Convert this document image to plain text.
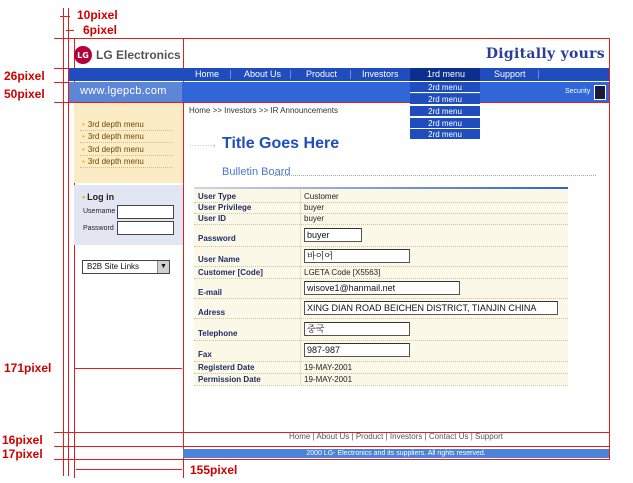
10pixel
6pixel
26pixel
50pixel
171pixel
16pixel
17pixel
155pixel
LG LG Electronics	Digitally yours
Home	About Us	Product	Investors	1rd menu	Support
www.lgepcb.com	Security
2rd menu
2rd menu
2rd menu
2rd menu
2rd menu
• 3rd depth menu
• 3rd depth menu
• 3rd depth menu
• 3rd depth menu
• Log in
Username
Password
B2B Site Links	▼
Home >> Investors >> IR Announcements
·········› Title Goes Here
Bulletin Board
User Type	Customer
User Privilege	buyer
User ID	buyer
Password	buyer
User Name	바이어
Customer [Code]	LGETA Code [X5563]
E-mail	wisove1@hanmail.net
Adress	XING DIAN ROAD BEICHEN DISTRICT, TIANJIN CHINA
Telephone	중국
Fax	987-987
Registerd Date	19-MAY-2001
Permission Date	19-MAY-2001
Home | About Us | Product | Investors | Contact Us | Support
2000 LG- Electronics and its suppliers. All rights reserved.
